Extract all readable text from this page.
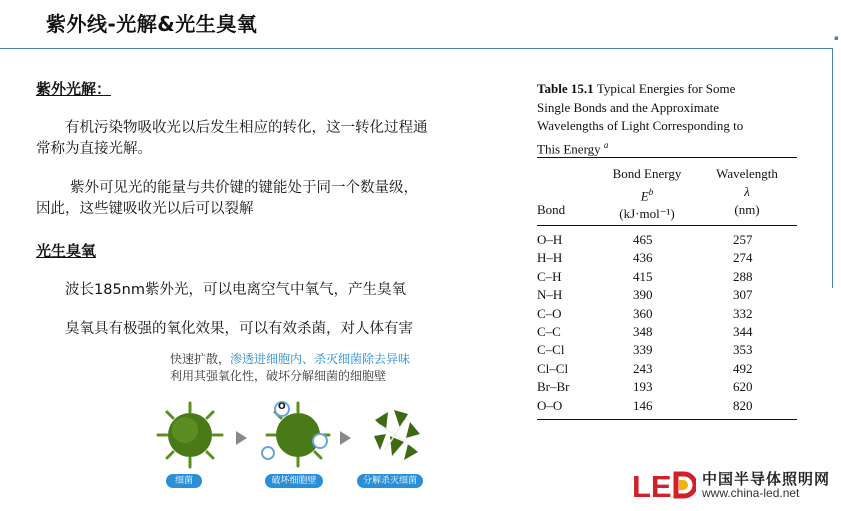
紫外线-光解&光生臭氧
▪
紫外光解：
有机污染物吸收光以后发生相应的转化，这一转化过程通
常称为直接光解。
紫外可见光的能量与共价键的键能处于同一个数量级，
因此，这些键吸收光以后可以裂解
光生臭氧
波长185nm紫外光，可以电离空气中氧气，产生臭氧
臭氧具有极强的氧化效果，可以有效杀菌，对人体有害
快速扩散，渗透进细胞内、杀灭细菌除去异味
利用其强氧化性，破坏分解细菌的细胞壁
O
细菌	破坏细胞壁	分解杀灭细菌
Table 15.1 Typical Energies for Some
Single Bonds and the Approximate
Wavelengths of Light Corresponding to
This Energy $^a$
Bond Energy
$E^b$
(kJ·mol⁻¹)
Wavelength
λ
(nm)
Bond
O–H	465	257
H–H	436	274
C–H	415	288
N–H	390	307
C–O	360	332
C–C	348	344
C–Cl	339	353
Cl–Cl	243	492
Br–Br	193	620
O–O	146	820
LE 中国半导体照明网
www.china-led.net
